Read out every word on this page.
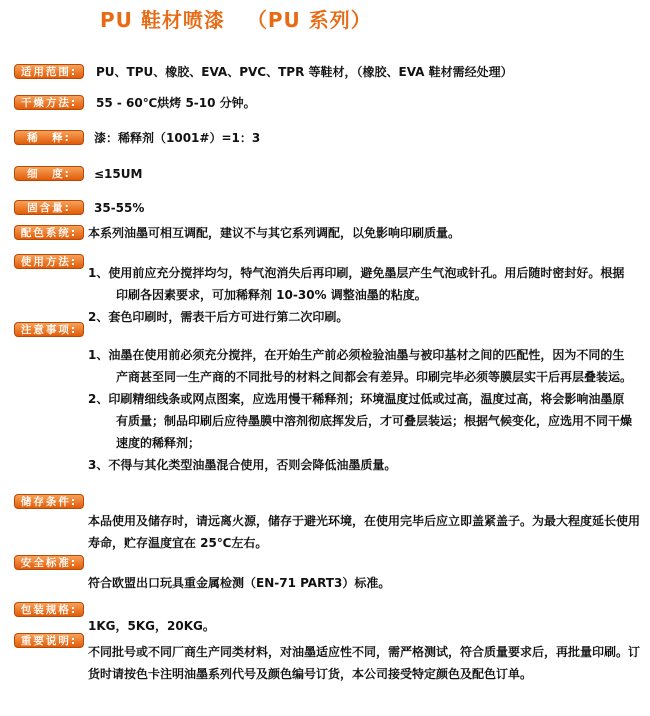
PU 鞋材喷漆 （PU 系列）
适用范围:	PU、TPU、橡胶、EVA、PVC、TPR 等鞋材，（橡胶、EVA 鞋材需经处理）
干燥方法:	55 - 60℃烘烤 5-10 分钟。
稀　释:	漆：稀释剂（1001#）=1：3
细　度:	≤15UM
固含量:	35-55%
配色系统: 本系列油墨可相互调配，建议不与其它系列调配，以免影响印刷质量。
使用方法:

1、使用前应充分搅拌均匀，特气泡消失后再印刷，避免墨层产生气泡或针孔。用后随时密封好。根据印刷各因素要求，可加稀释剂 10-30% 调整油墨的粘度。

2、套色印刷时，需表干后方可进行第二次印刷。

注意事项:

1、油墨在使用前必须充分搅拌，在开始生产前必须检验油墨与被印基材之间的匹配性，因为不同的生产商甚至同一生产商的不同批号的材料之间都会有差异。印刷完毕必须等膜层实干后再层叠装运。

2、印刷精细线条或网点图案，应选用慢干稀释剂；环境温度过低或过高，温度过高，将会影响油墨原有质量；制品印刷后应待墨膜中溶剂彻底挥发后，才可叠层装运；根据气候变化，应选用不同干燥速度的稀释剂；

3、不得与其化类型油墨混合使用，否则会降低油墨质量。

储存条件:
本品使用及储存时，请远离火源，储存于避光环境，在使用完毕后应立即盖紧盖子。为最大程度延长使用寿命，贮存温度宜在 25℃左右。
安全标准:
符合欧盟出口玩具重金属检测（EN-71 PART3）标准。
包装规格:
1KG，5KG，20KG。
重要说明:
不同批号或不同厂商生产同类材料，对油墨适应性不同，需严格测试，符合质量要求后，再批量印刷。订货时请按色卡注明油墨系列代号及颜色编号订货，本公司接受特定颜色及配色订单。
